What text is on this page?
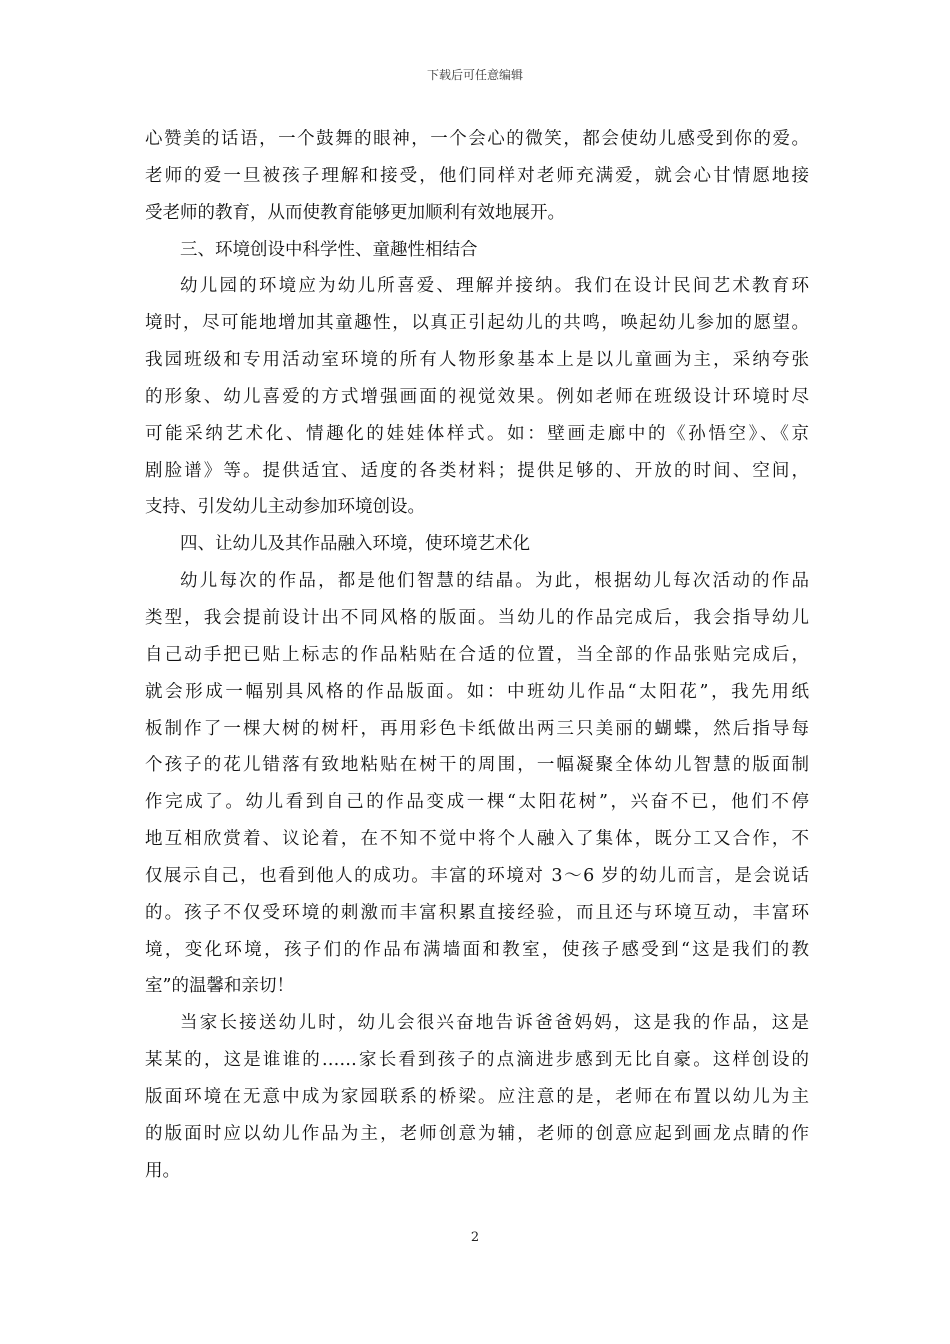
下载后可任意编辑
心赞美的话语，一个鼓舞的眼神，一个会心的微笑，都会使幼儿感受到你的爱。
老师的爱一旦被孩子理解和接受，他们同样对老师充满爱，就会心甘情愿地接
受老师的教育，从而使教育能够更加顺利有效地展开。
三、环境创设中科学性、童趣性相结合
幼儿园的环境应为幼儿所喜爱、理解并接纳。我们在设计民间艺术教育环
境时，尽可能地增加其童趣性，以真正引起幼儿的共鸣，唤起幼儿参加的愿望。
我园班级和专用活动室环境的所有人物形象基本上是以儿童画为主，采纳夸张
的形象、幼儿喜爱的方式增强画面的视觉效果。例如老师在班级设计环境时尽
可能采纳艺术化、情趣化的娃娃体样式。如：壁画走廊中的《孙悟空》、《京
剧脸谱》等。提供适宜、适度的各类材料；提供足够的、开放的时间、空间，
支持、引发幼儿主动参加环境创设。
四、让幼儿及其作品融入环境，使环境艺术化
幼儿每次的作品，都是他们智慧的结晶。为此，根据幼儿每次活动的作品
类型，我会提前设计出不同风格的版面。当幼儿的作品完成后，我会指导幼儿
自己动手把已贴上标志的作品粘贴在合适的位置，当全部的作品张贴完成后，
就会形成一幅别具风格的作品版面。如：中班幼儿作品“太阳花”，我先用纸
板制作了一棵大树的树杆，再用彩色卡纸做出两三只美丽的蝴蝶，然后指导每
个孩子的花儿错落有致地粘贴在树干的周围，一幅凝聚全体幼儿智慧的版面制
作完成了。幼儿看到自己的作品变成一棵“太阳花树”，兴奋不已，他们不停
地互相欣赏着、议论着，在不知不觉中将个人融入了集体，既分工又合作，不
仅展示自己，也看到他人的成功。丰富的环境对 3～6 岁的幼儿而言，是会说话
的。孩子不仅受环境的刺激而丰富积累直接经验，而且还与环境互动，丰富环
境，变化环境，孩子们的作品布满墙面和教室，使孩子感受到“这是我们的教
室”的温馨和亲切！
当家长接送幼儿时，幼儿会很兴奋地告诉爸爸妈妈，这是我的作品，这是
某某的，这是谁谁的……家长看到孩子的点滴进步感到无比自豪。这样创设的
版面环境在无意中成为家园联系的桥梁。应注意的是，老师在布置以幼儿为主
的版面时应以幼儿作品为主，老师创意为辅，老师的创意应起到画龙点睛的作
用。
2
